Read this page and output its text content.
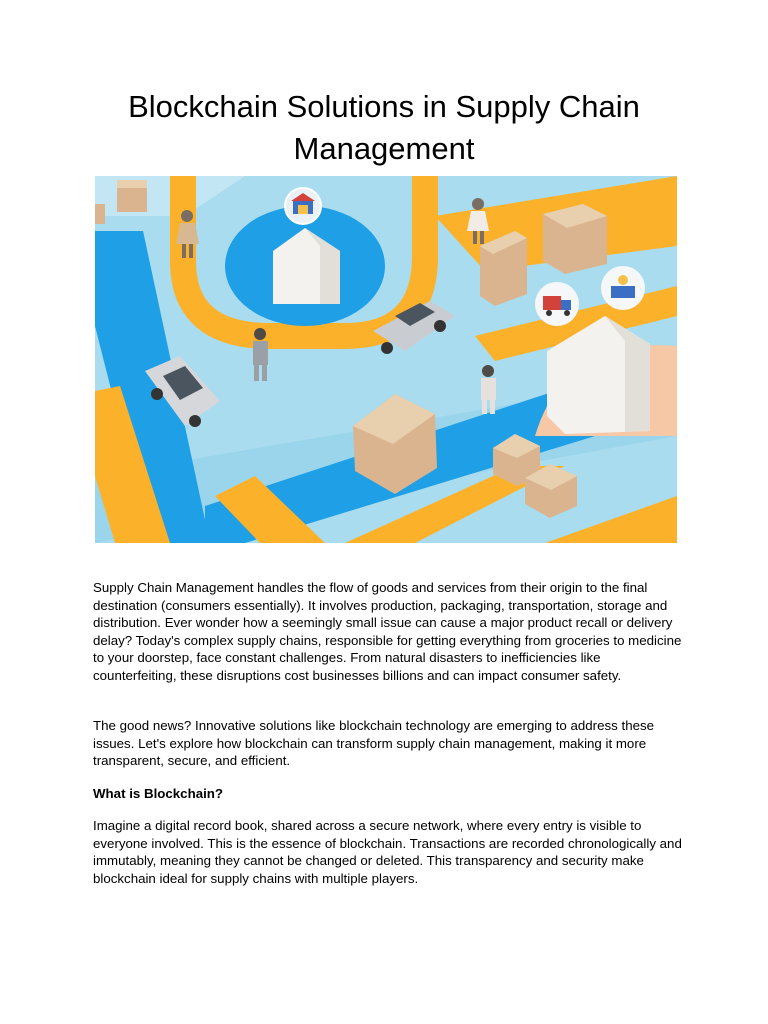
Blockchain Solutions in Supply Chain Management

Supply Chain Management handles the flow of goods and services from their origin to the final destination (consumers essentially). It involves production, packaging, transportation, storage and distribution. Ever wonder how a seemingly small issue can cause a major product recall or delivery delay? Today's complex supply chains, responsible for getting everything from groceries to medicine to your doorstep, face constant challenges. From natural disasters to inefficiencies like counterfeiting, these disruptions cost businesses billions and can impact consumer safety.

The good news? Innovative solutions like blockchain technology are emerging to address these issues. Let's explore how blockchain can transform supply chain management, making it more transparent, secure, and efficient.

What is Blockchain?

Imagine a digital record book, shared across a secure network, where every entry is visible to everyone involved. This is the essence of blockchain. Transactions are recorded chronologically and immutably, meaning they cannot be changed or deleted. This transparency and security make blockchain ideal for supply chains with multiple players.
